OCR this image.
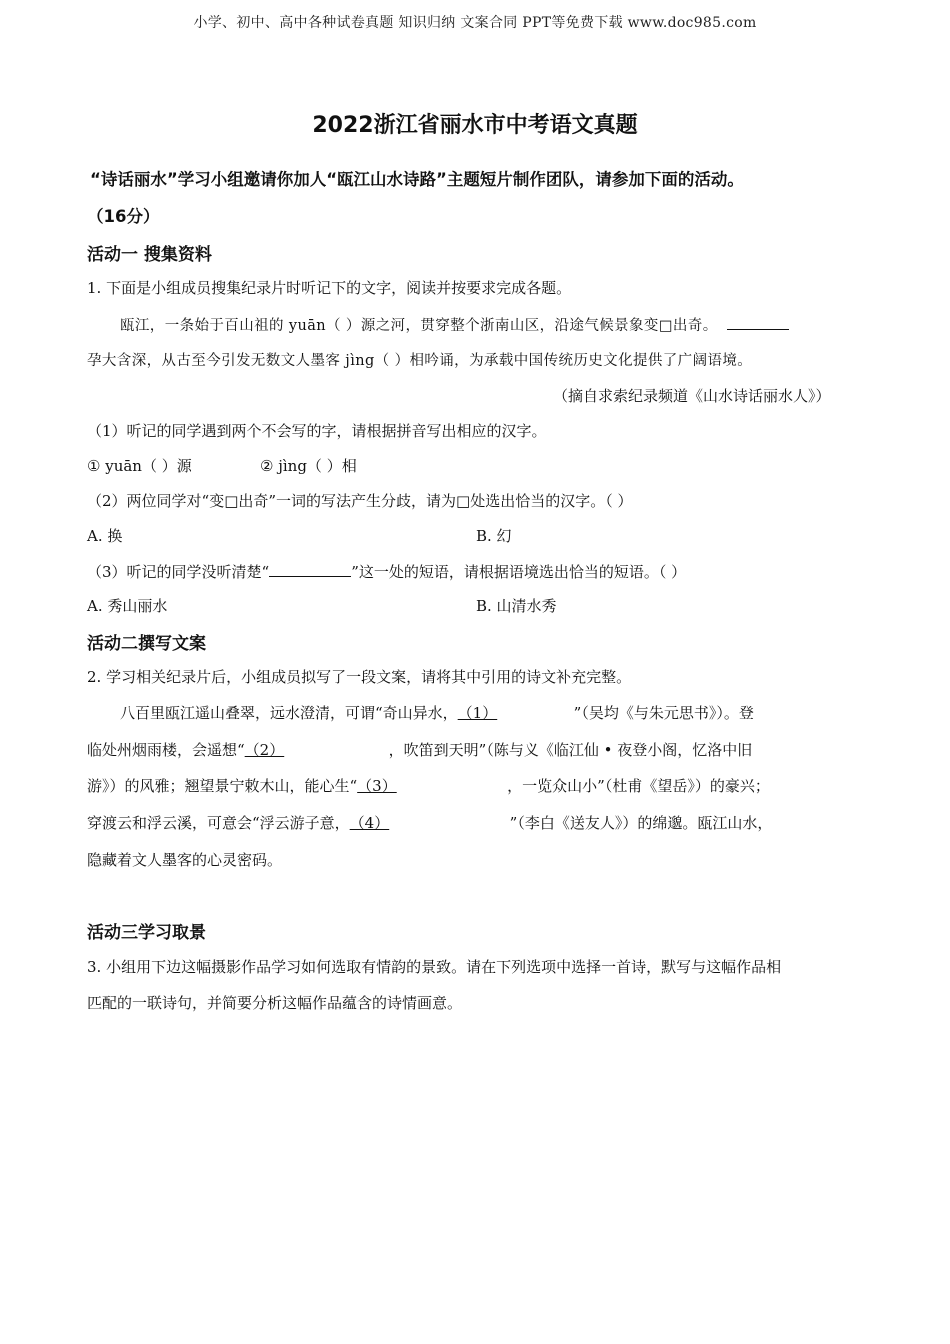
小学、初中、高中各种试卷真题 知识归纳 文案合同 PPT等免费下载 www.doc985.com
2022浙江省丽水市中考语文真题
“诗话丽水”学习小组邀请你加人“瓯江山水诗路”主题短片制作团队，请参加下面的活动。
（16分）
活动一 搜集资料
1. 下面是小组成员搜集纪录片时听记下的文字，阅读并按要求完成各题。
瓯江，一条始于百山祖的 yuān（ ）源之河，贯穿整个浙南山区，沿途气候景象变□出奇。
孕大含深，从古至今引发无数文人墨客 jìng（ ）相吟诵，为承载中国传统历史文化提供了广阔语境。
（摘自求索纪录频道《山水诗话丽水人》）
（1）听记的同学遇到两个不会写的字，请根据拼音写出相应的汉字。
① yuān（ ）源	② jìng（ ）相
（2）两位同学对“变□出奇”一词的写法产生分歧，请为□处选出恰当的汉字。（ ）
A. 换	B. 幻
（3）听记的同学没听清楚“	”这一处的短语，请根据语境选出恰当的短语。（ ）
A. 秀山丽水	B. 山清水秀
活动二撰写文案
2. 学习相关纪录片后，小组成员拟写了一段文案，请将其中引用的诗文补充完整。
八百里瓯江遥山叠翠，远水澄清，可谓“奇山异水，（1）	”（吴均《与朱元思书》）。登
临处州烟雨楼，会遥想“（2）	，吹笛到天明”（陈与义《临江仙 • 夜登小阁，忆洛中旧
游》）的风雅；翘望景宁敕木山，能心生“（3）	，一览众山小”（杜甫《望岳》）的豪兴；
穿渡云和浮云溪，可意会“浮云游子意，（4）	”（李白《送友人》）的绵邈。瓯江山水，
隐藏着文人墨客的心灵密码。
活动三学习取景
3. 小组用下边这幅摄影作品学习如何选取有情韵的景致。请在下列选项中选择一首诗，默写与这幅作品相
匹配的一联诗句，并简要分析这幅作品蕴含的诗情画意。
